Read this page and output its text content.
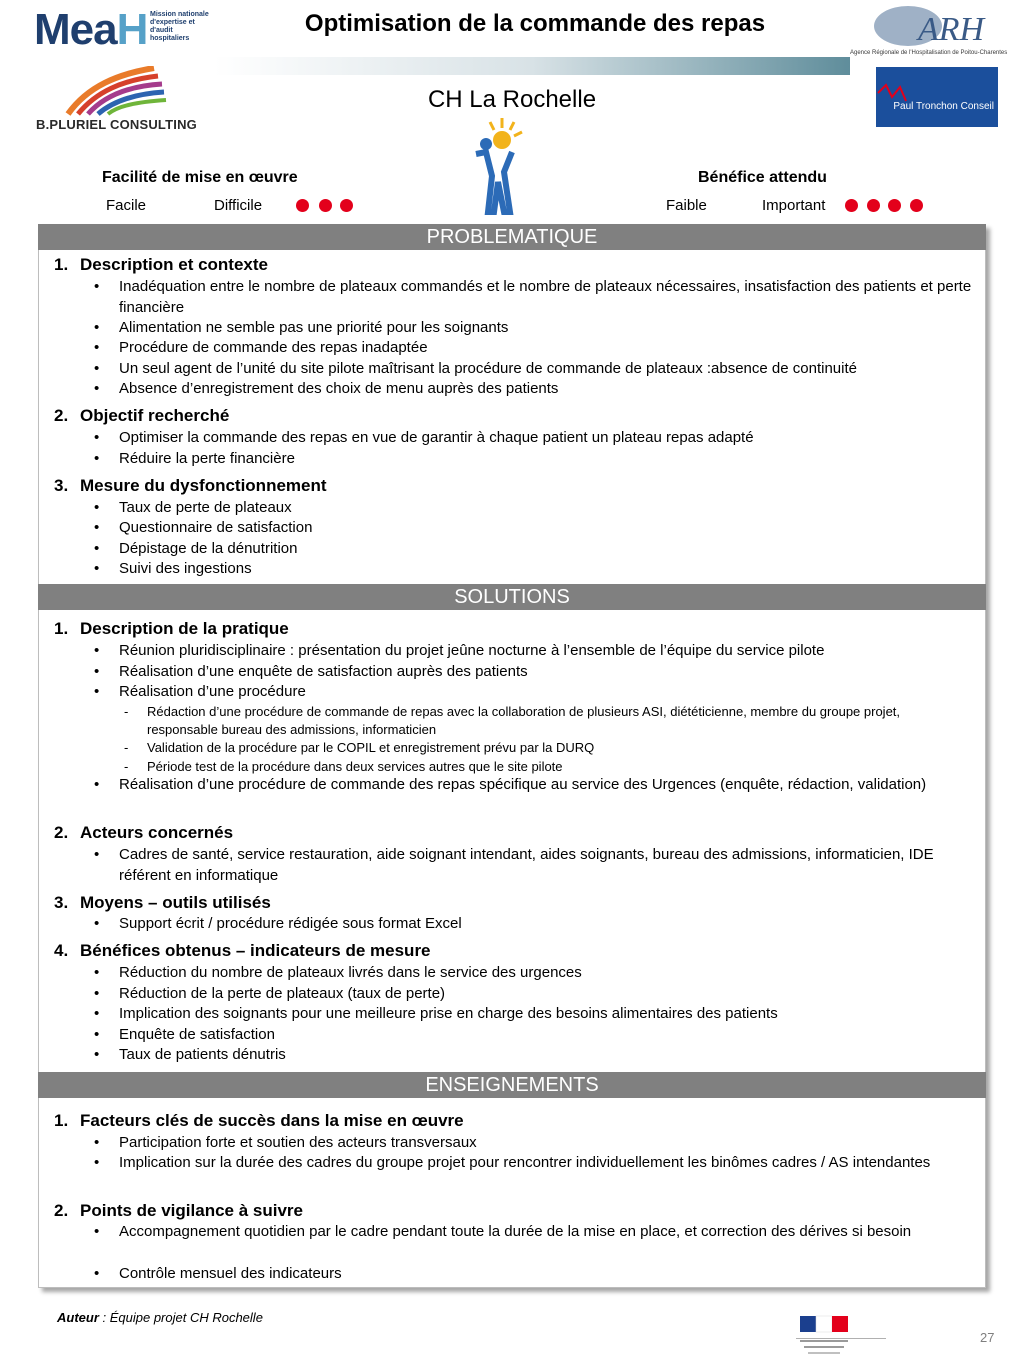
MeaH Mission nationale d'expertise et d'audit hospitaliers
Optimisation de la commande des repas
CH La Rochelle
B.PLURIEL CONSULTING
ARH
Agence Régionale de l'Hospitalisation de Poitou-Charentes
Paul Tronchon Conseil
Facilité de mise en œuvre
Facile	Difficile
Bénéfice attendu
Faible	Important
PROBLEMATIQUE
1. Description et contexte
• Inadéquation entre le nombre de plateaux commandés et le nombre de plateaux nécessaires, insatisfaction des patients et perte financière
• Alimentation ne semble pas une priorité pour les soignants
• Procédure de commande des repas inadaptée
• Un seul agent de l’unité du site pilote maîtrisant la procédure de commande de plateaux :absence de continuité
• Absence d’enregistrement des choix de menu auprès des patients
2. Objectif recherché
• Optimiser la commande des repas en vue de garantir à chaque patient un plateau repas adapté
• Réduire la perte financière
3. Mesure du dysfonctionnement
• Taux de perte de plateaux
• Questionnaire de satisfaction
• Dépistage de la dénutrition
• Suivi des ingestions
SOLUTIONS
1. Description de la pratique
• Réunion pluridisciplinaire : présentation du projet jeûne nocturne à l’ensemble de l’équipe du service pilote
• Réalisation d’une enquête de satisfaction auprès des patients
• Réalisation d’une procédure
- Rédaction d’une procédure de commande de repas avec la collaboration de plusieurs ASI, diététicienne, membre du groupe projet, responsable bureau des admissions, informaticien
- Validation de la procédure par le COPIL et enregistrement prévu par la DURQ
- Période test de la procédure dans deux services autres que le site pilote
• Réalisation d’une procédure de commande des repas spécifique au service des Urgences (enquête, rédaction, validation)
2. Acteurs concernés
• Cadres de santé, service restauration, aide soignant intendant, aides soignants, bureau des admissions, informaticien, IDE référent en informatique
3. Moyens – outils utilisés
• Support écrit / procédure rédigée sous format Excel
4. Bénéfices obtenus – indicateurs de mesure
• Réduction du nombre de plateaux livrés dans le service des urgences
• Réduction de la perte de plateaux (taux de perte)
• Implication des soignants pour une meilleure prise en charge des besoins alimentaires des patients
• Enquête de satisfaction
• Taux de patients dénutris
ENSEIGNEMENTS
1. Facteurs clés de succès dans la mise en œuvre
• Participation forte et soutien des acteurs transversaux
• Implication sur la durée des cadres du groupe projet pour rencontrer individuellement les binômes cadres / AS intendantes
2. Points de vigilance à suivre
• Accompagnement quotidien par le cadre pendant toute la durée de la mise en place, et correction des dérives si besoin
• Contrôle mensuel des indicateurs
Auteur : Équipe projet CH Rochelle
27
